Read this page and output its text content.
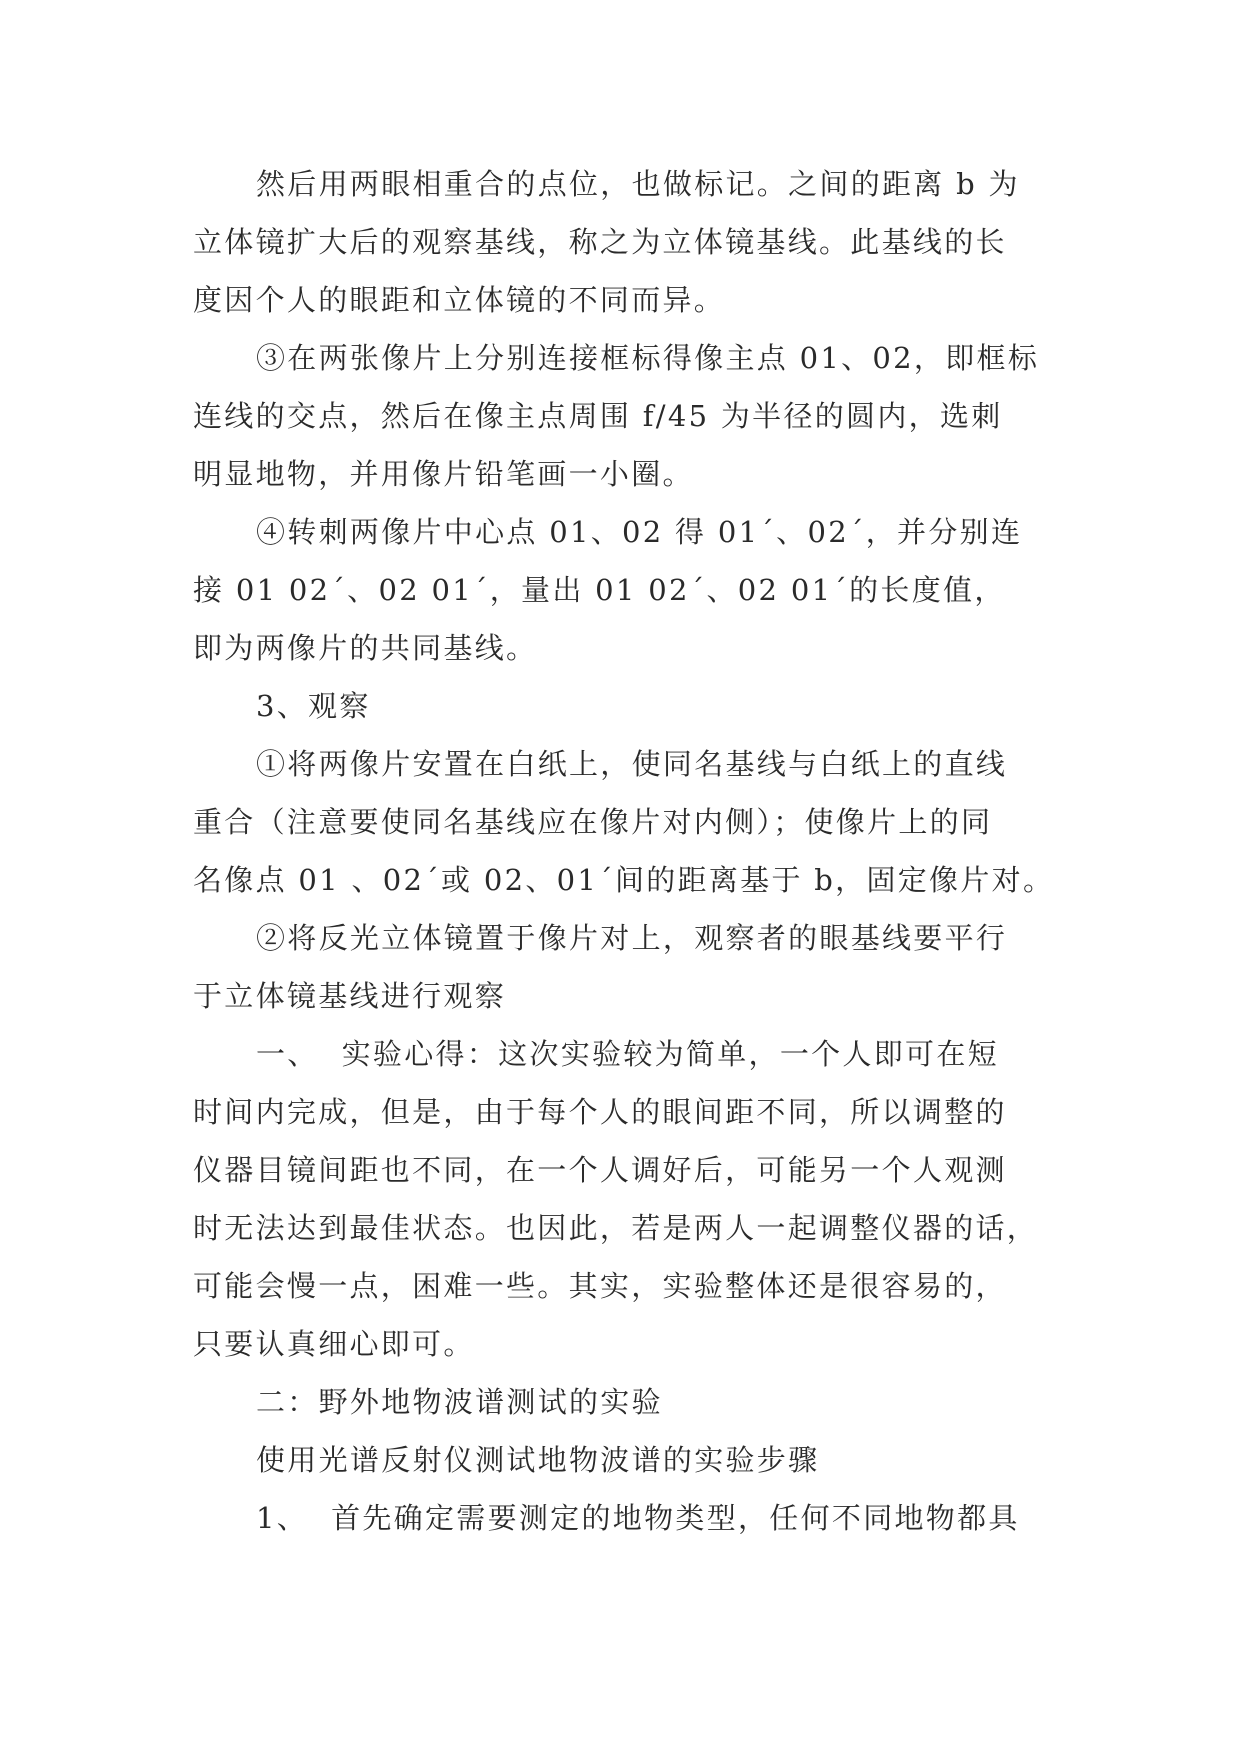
然后用两眼相重合的点位，也做标记。之间的距离 b 为
立体镜扩大后的观察基线，称之为立体镜基线。此基线的长
度因个人的眼距和立体镜的不同而异。
③在两张像片上分别连接框标得像主点 01、02，即框标
连线的交点，然后在像主点周围 f/45 为半径的圆内，选刺
明显地物，并用像片铅笔画一小圈。
④转刺两像片中心点 01、02 得 01ˊ、02ˊ，并分别连
接 01 02ˊ、02 01ˊ，量出 01 02ˊ、02 01ˊ的长度值，
即为两像片的共同基线。
3、观察
①将两像片安置在白纸上，使同名基线与白纸上的直线
重合（注意要使同名基线应在像片对内侧）；使像片上的同
名像点 01 、02ˊ或 02、01ˊ间的距离基于 b，固定像片对。
②将反光立体镜置于像片对上，观察者的眼基线要平行
于立体镜基线进行观察
一、  实验心得：这次实验较为简单，一个人即可在短
时间内完成，但是，由于每个人的眼间距不同，所以调整的
仪器目镜间距也不同，在一个人调好后，可能另一个人观测
时无法达到最佳状态。也因此，若是两人一起调整仪器的话，
可能会慢一点，困难一些。其实，实验整体还是很容易的，
只要认真细心即可。
二：野外地物波谱测试的实验
使用光谱反射仪测试地物波谱的实验步骤
1、  首先确定需要测定的地物类型，任何不同地物都具
